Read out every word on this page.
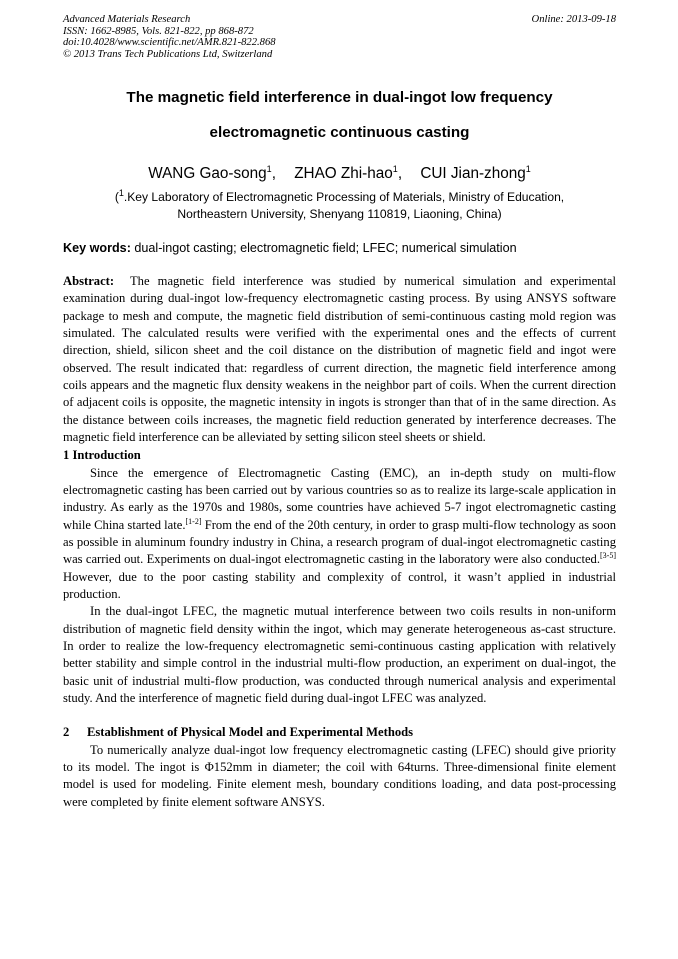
Advanced Materials Research
ISSN: 1662-8985, Vols. 821-822, pp 868-872
doi:10.4028/www.scientific.net/AMR.821-822.868
© 2013 Trans Tech Publications Ltd, Switzerland
Online: 2013-09-18
The magnetic field interference in dual-ingot low frequency
electromagnetic continuous casting
WANG Gao-song$^1$, ZHAO Zhi-hao$^1$, CUI Jian-zhong$^1$
($^1$.Key Laboratory of Electromagnetic Processing of Materials, Ministry of Education,
Northeastern University, Shenyang 110819, Liaoning, China)
Key words: dual-ingot casting; electromagnetic field; LFEC; numerical simulation

Abstract: The magnetic field interference was studied by numerical simulation and experimental examination during dual-ingot low-frequency electromagnetic casting process. By using ANSYS software package to mesh and compute, the magnetic field distribution of semi-continuous casting mold region was simulated. The calculated results were verified with the experimental ones and the effects of current direction, shield, silicon sheet and the coil distance on the distribution of magnetic field and ingot were observed. The result indicated that: regardless of current direction, the magnetic field interference among coils appears and the magnetic flux density weakens in the neighbor part of coils. When the current direction of adjacent coils is opposite, the magnetic intensity in ingots is stronger than that of in the same direction. As the distance between coils increases, the magnetic field reduction generated by interference decreases. The magnetic field interference can be alleviated by setting silicon steel sheets or shield.

1 Introduction

Since the emergence of Electromagnetic Casting (EMC), an in-depth study on multi-flow electromagnetic casting has been carried out by various countries so as to realize its large-scale application in industry. As early as the 1970s and 1980s, some countries have achieved 5-7 ingot electromagnetic casting while China started late.[1-2] From the end of the 20th century, in order to grasp multi-flow technology as soon as possible in aluminum foundry industry in China, a research program of dual-ingot electromagnetic casting was carried out. Experiments on dual-ingot electromagnetic casting in the laboratory were also conducted.[3-5] However, due to the poor casting stability and complexity of control, it wasn’t applied in industrial production.

In the dual-ingot LFEC, the magnetic mutual interference between two coils results in non-uniform distribution of magnetic field density within the ingot, which may generate heterogeneous as-cast structure. In order to realize the low-frequency electromagnetic semi-continuous casting application with relatively better stability and simple control in the industrial multi-flow production, an experiment on dual-ingot, the basic unit of industrial multi-flow production, was conducted through numerical analysis and experimental study. And the interference of magnetic field during dual-ingot LFEC was analyzed.

2 Establishment of Physical Model and Experimental Methods

To numerically analyze dual-ingot low frequency electromagnetic casting (LFEC) should give priority to its model. The ingot is Φ152mm in diameter; the coil with 64turns. Three-dimensional finite element model is used for modeling. Finite element mesh, boundary conditions loading, and data post-processing were completed by finite element software ANSYS.
